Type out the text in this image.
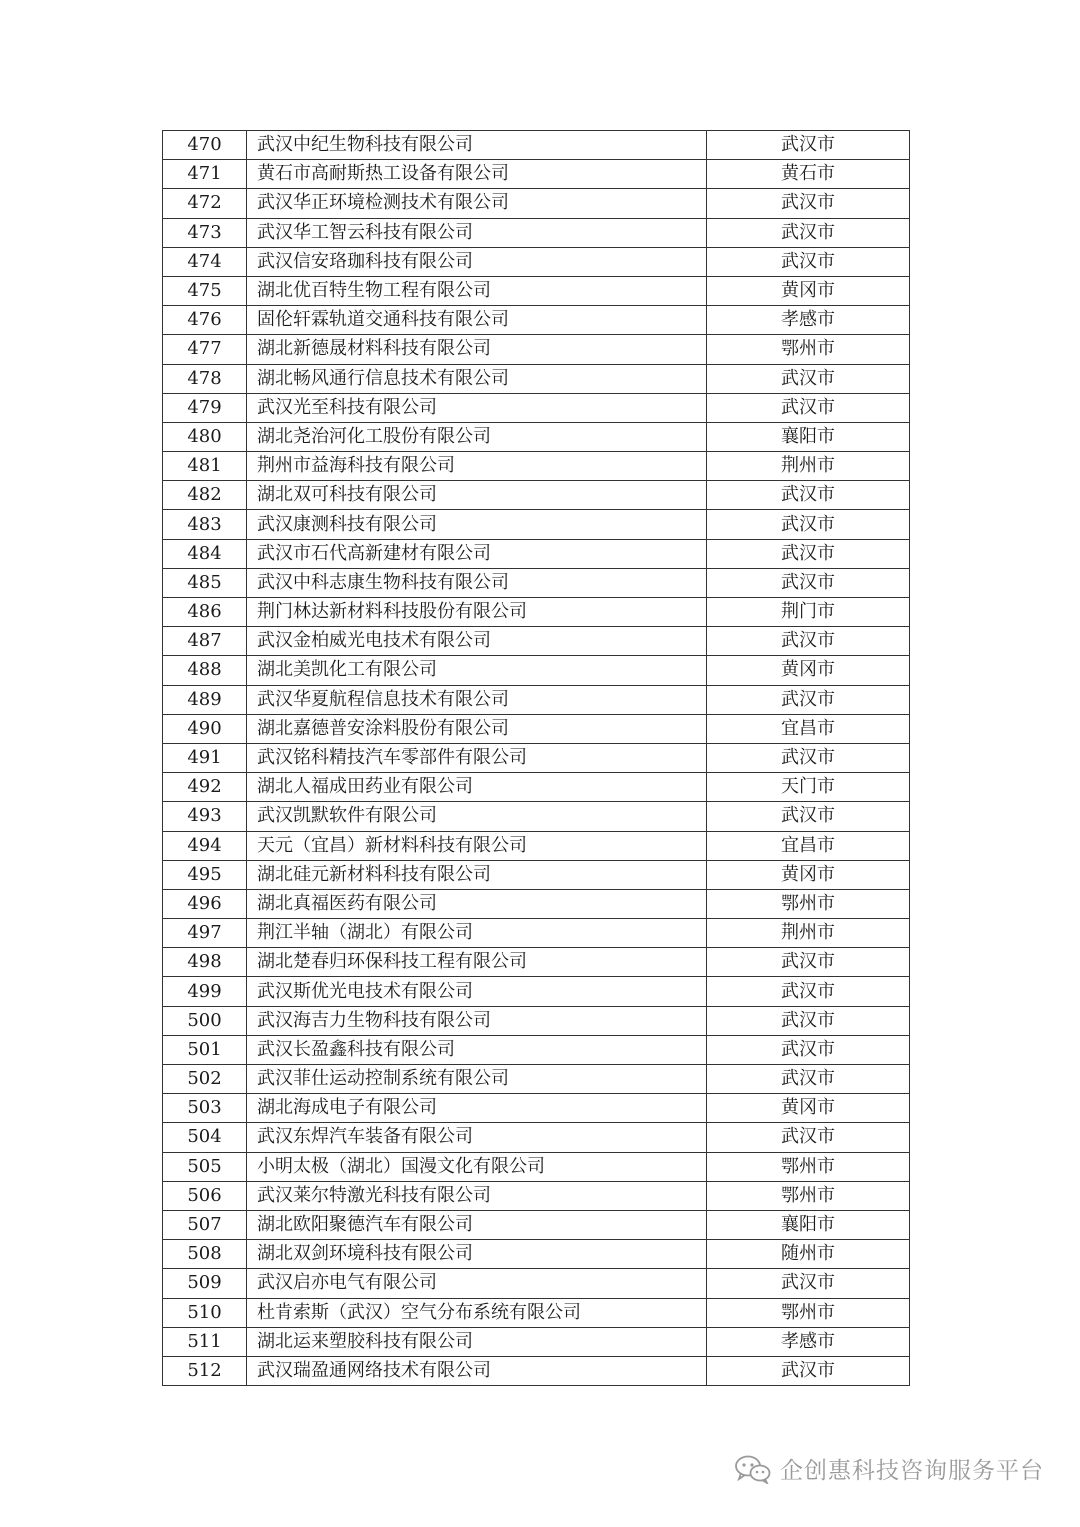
470	武汉中纪生物科技有限公司	武汉市
471	黄石市高耐斯热工设备有限公司	黄石市
472	武汉华正环境检测技术有限公司	武汉市
473	武汉华工智云科技有限公司	武汉市
474	武汉信安珞珈科技有限公司	武汉市
475	湖北优百特生物工程有限公司	黄冈市
476	固伦轩霖轨道交通科技有限公司	孝感市
477	湖北新德晟材料科技有限公司	鄂州市
478	湖北畅风通行信息技术有限公司	武汉市
479	武汉光至科技有限公司	武汉市
480	湖北尧治河化工股份有限公司	襄阳市
481	荆州市益海科技有限公司	荆州市
482	湖北双可科技有限公司	武汉市
483	武汉康测科技有限公司	武汉市
484	武汉市石代高新建材有限公司	武汉市
485	武汉中科志康生物科技有限公司	武汉市
486	荆门林达新材料科技股份有限公司	荆门市
487	武汉金柏威光电技术有限公司	武汉市
488	湖北美凯化工有限公司	黄冈市
489	武汉华夏航程信息技术有限公司	武汉市
490	湖北嘉德普安涂料股份有限公司	宜昌市
491	武汉铭科精技汽车零部件有限公司	武汉市
492	湖北人福成田药业有限公司	天门市
493	武汉凯默软件有限公司	武汉市
494	天元（宜昌）新材料科技有限公司	宜昌市
495	湖北硅元新材料科技有限公司	黄冈市
496	湖北真福医药有限公司	鄂州市
497	荆江半轴（湖北）有限公司	荆州市
498	湖北楚春归环保科技工程有限公司	武汉市
499	武汉斯优光电技术有限公司	武汉市
500	武汉海吉力生物科技有限公司	武汉市
501	武汉长盈鑫科技有限公司	武汉市
502	武汉菲仕运动控制系统有限公司	武汉市
503	湖北海成电子有限公司	黄冈市
504	武汉东焊汽车装备有限公司	武汉市
505	小明太极（湖北）国漫文化有限公司	鄂州市
506	武汉莱尔特激光科技有限公司	鄂州市
507	湖北欧阳聚德汽车有限公司	襄阳市
508	湖北双剑环境科技有限公司	随州市
509	武汉启亦电气有限公司	武汉市
510	杜肯索斯（武汉）空气分布系统有限公司	鄂州市
511	湖北运来塑胶科技有限公司	孝感市
512	武汉瑞盈通网络技术有限公司	武汉市
企创惠科技咨询服务平台
